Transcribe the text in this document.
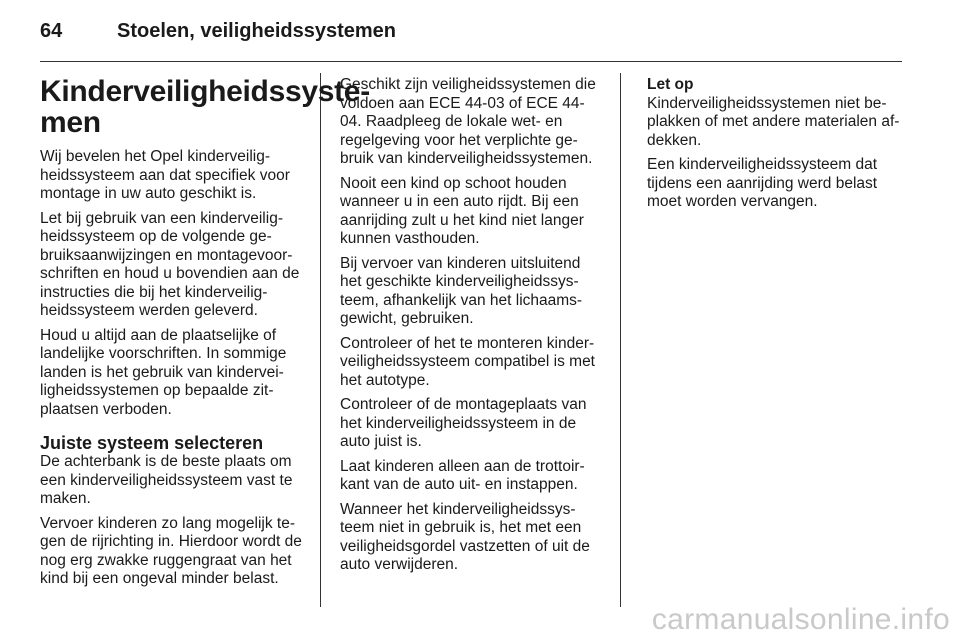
64	Stoelen, veiligheidssystemen
Kinderveiligheidssyste-
men

Wij bevelen het Opel kinderveilig- heidssysteem aan dat specifiek voor montage in uw auto geschikt is.

Let bij gebruik van een kinderveilig- heidssysteem op de volgende ge- bruiksaanwijzingen en montagevoor- schriften en houd u bovendien aan de instructies die bij het kinderveilig- heidssysteem werden geleverd.

Houd u altijd aan de plaatselijke of landelijke voorschriften. In sommige landen is het gebruik van kindervei- ligheidssystemen op bepaalde zit- plaatsen verboden.

Juiste systeem selecteren

De achterbank is de beste plaats om een kinderveiligheidssysteem vast te maken.

Vervoer kinderen zo lang mogelijk te- gen de rijrichting in. Hierdoor wordt de nog erg zwakke ruggengraat van het kind bij een ongeval minder belast.

Geschikt zijn veiligheidssystemen die voldoen aan ECE 44-03 of ECE 44-04. Raadpleeg de lokale wet- en regelgeving voor het verplichte ge- bruik van kinderveiligheidssystemen.

Nooit een kind op schoot houden wanneer u in een auto rijdt. Bij een aanrijding zult u het kind niet langer kunnen vasthouden.

Bij vervoer van kinderen uitsluitend het geschikte kinderveiligheidssys- teem, afhankelijk van het lichaams- gewicht, gebruiken.

Controleer of het te monteren kinder- veiligheidssysteem compatibel is met het autotype.

Controleer of de montageplaats van het kinderveiligheidssysteem in de auto juist is.

Laat kinderen alleen aan de trottoir- kant van de auto uit- en instappen.

Wanneer het kinderveiligheidssys- teem niet in gebruik is, het met een veiligheidsgordel vastzetten of uit de auto verwijderen.

Let op

Kinderveiligheidssystemen niet be- plakken of met andere materialen af- dekken.

Een kinderveiligheidssysteem dat tijdens een aanrijding werd belast moet worden vervangen.

carmanualsonline.info
